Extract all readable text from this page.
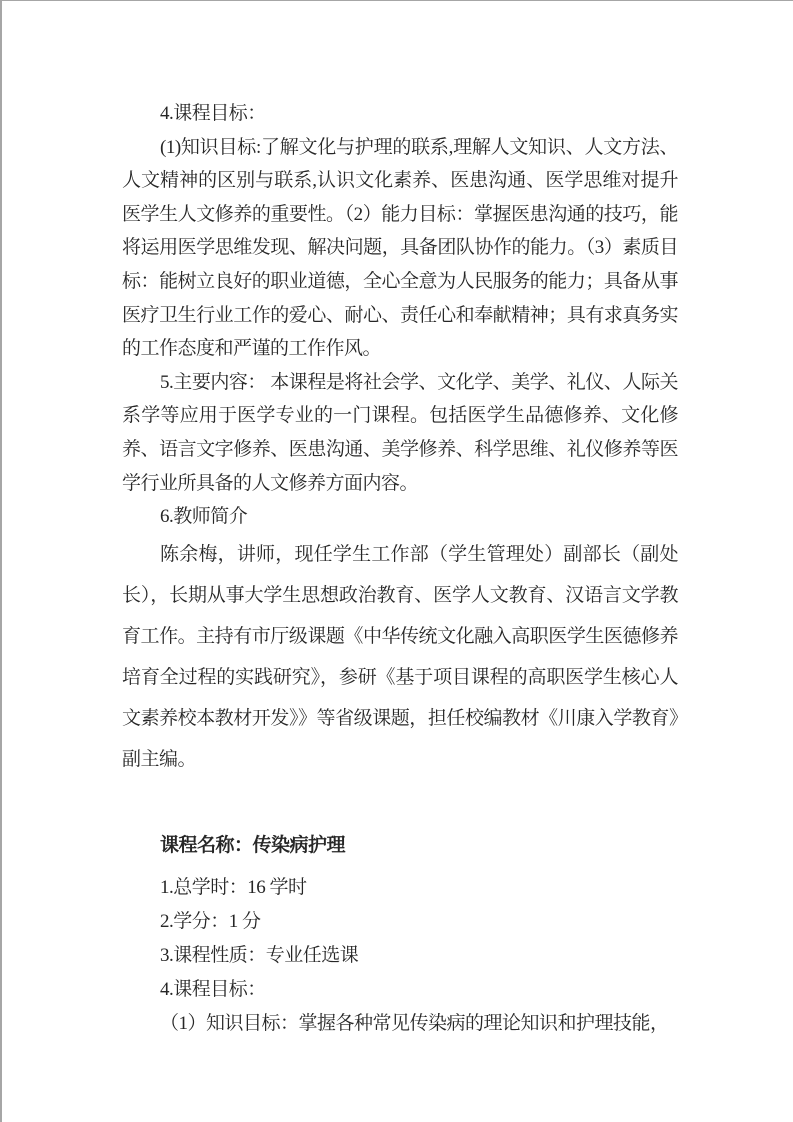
4.课程目标：

(1)知识目标:了解文化与护理的联系,理解人文知识、人文方法、人文精神的区别与联系,认识文化素养、医患沟通、医学思维对提升医学生人文修养的重要性。（2）能力目标：掌握医患沟通的技巧，能将运用医学思维发现、解决问题，具备团队协作的能力。（3）素质目标：能树立良好的职业道德，全心全意为人民服务的能力；具备从事医疗卫生行业工作的爱心、耐心、责任心和奉献精神；具有求真务实的工作态度和严谨的工作作风。

5.主要内容： 本课程是将社会学、文化学、美学、礼仪、人际关系学等应用于医学专业的一门课程。包括医学生品德修养、文化修养、语言文字修养、医患沟通、美学修养、科学思维、礼仪修养等医学行业所具备的人文修养方面内容。

6.教师简介

陈余梅，讲师，现任学生工作部（学生管理处）副部长（副处长），长期从事大学生思想政治教育、医学人文教育、汉语言文学教育工作。主持有市厅级课题《中华传统文化融入高职医学生医德修养培育全过程的实践研究》，参研《基于项目课程的高职医学生核心人文素养校本教材开发》》等省级课题，担任校编教材《川康入学教育》副主编。

课程名称：传染病护理

1.总学时：16 学时

2.学分：1 分

3.课程性质：专业任选课

4.课程目标：

（1）知识目标：掌握各种常见传染病的理论知识和护理技能，
